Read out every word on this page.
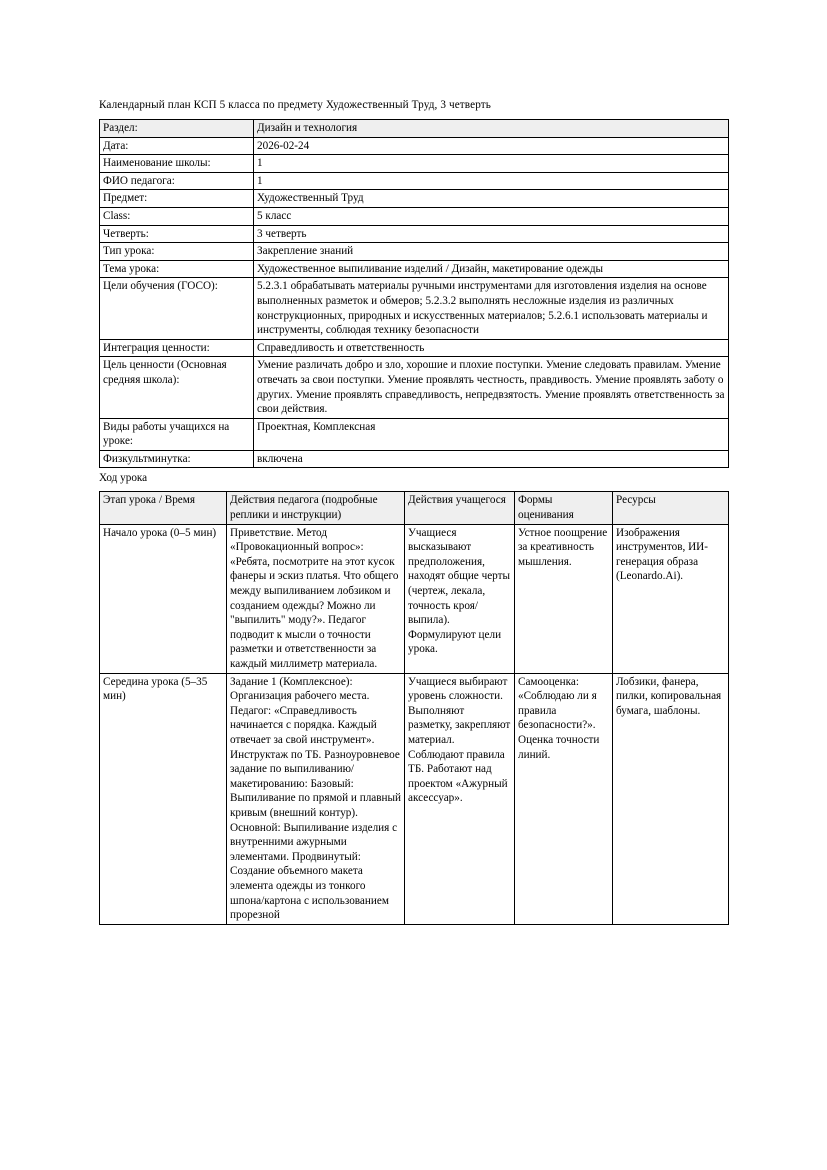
Календарный план КСП 5 класса по предмету Художественный Труд, 3 четверть

Раздел:	Дизайн и технология
Дата:	2026-02-24
Наименование школы:	1
ФИО педагога:	1
Предмет:	Художественный Труд
Class:	5 класс
Четверть:	3 четверть
Тип урока:	Закрепление знаний
Тема урока:	Художественное выпиливание изделий / Дизайн, макетирование одежды
Цели обучения (ГОСО):	5.2.3.1 обрабатывать материалы ручными инструментами для изготовления изделия на основе выполненных разметок и обмеров; 5.2.3.2 выполнять несложные изделия из различных конструкционных, природных и искусственных материалов; 5.2.6.1 использовать материалы и инструменты, соблюдая технику безопасности
Интеграция ценности:	Справедливость и ответственность
Цель ценности (Основная средняя школа):	Умение различать добро и зло, хорошие и плохие поступки. Умение следовать правилам. Умение отвечать за свои поступки. Умение проявлять честность, правдивость. Умение проявлять заботу о других. Умение проявлять справедливость, непредвзятость. Умение проявлять ответственность за свои действия.
Виды работы учащихся на уроке:	Проектная, Комплексная
Физкультминутка:	включена

Ход урока

Этап урока / Время	Действия педагога (подробные реплики и инструкции)	Действия учащегося	Формы оценивания	Ресурсы
Начало урока (0–5 мин)	Приветствие. Метод «Провокационный вопрос»: «Ребята, посмотрите на этот кусок фанеры и эскиз платья. Что общего между выпиливанием лобзиком и созданием одежды? Можно ли "выпилить" моду?». Педагог подводит к мысли о точности разметки и ответственности за каждый миллиметр материала.	Учащиеся высказывают предположения, находят общие черты (чертеж, лекала, точность кроя/выпила). Формулируют цели урока.	Устное поощрение за креативность мышления.	Изображения инструментов, ИИ-генерация образа (Leonardo.Ai).
Середина урока (5–35 мин)	Задание 1 (Комплексное): Организация рабочего места. Педагог: «Справедливость начинается с порядка. Каждый отвечает за свой инструмент». Инструктаж по ТБ. Разноуровневое задание по выпиливанию/макетированию: Базовый: Выпиливание по прямой и плавный кривым (внешний контур). Основной: Выпиливание изделия с внутренними ажурными элементами. Продвинутый: Создание объемного макета элемента одежды из тонкого шпона/картона с использованием прорезной	Учащиеся выбирают уровень сложности. Выполняют разметку, закрепляют материал. Соблюдают правила ТБ. Работают над проектом «Ажурный аксессуар».	Самооценка: «Соблюдаю ли я правила безопасности?». Оценка точности линий.	Лобзики, фанера, пилки, копировальная бумага, шаблоны.
